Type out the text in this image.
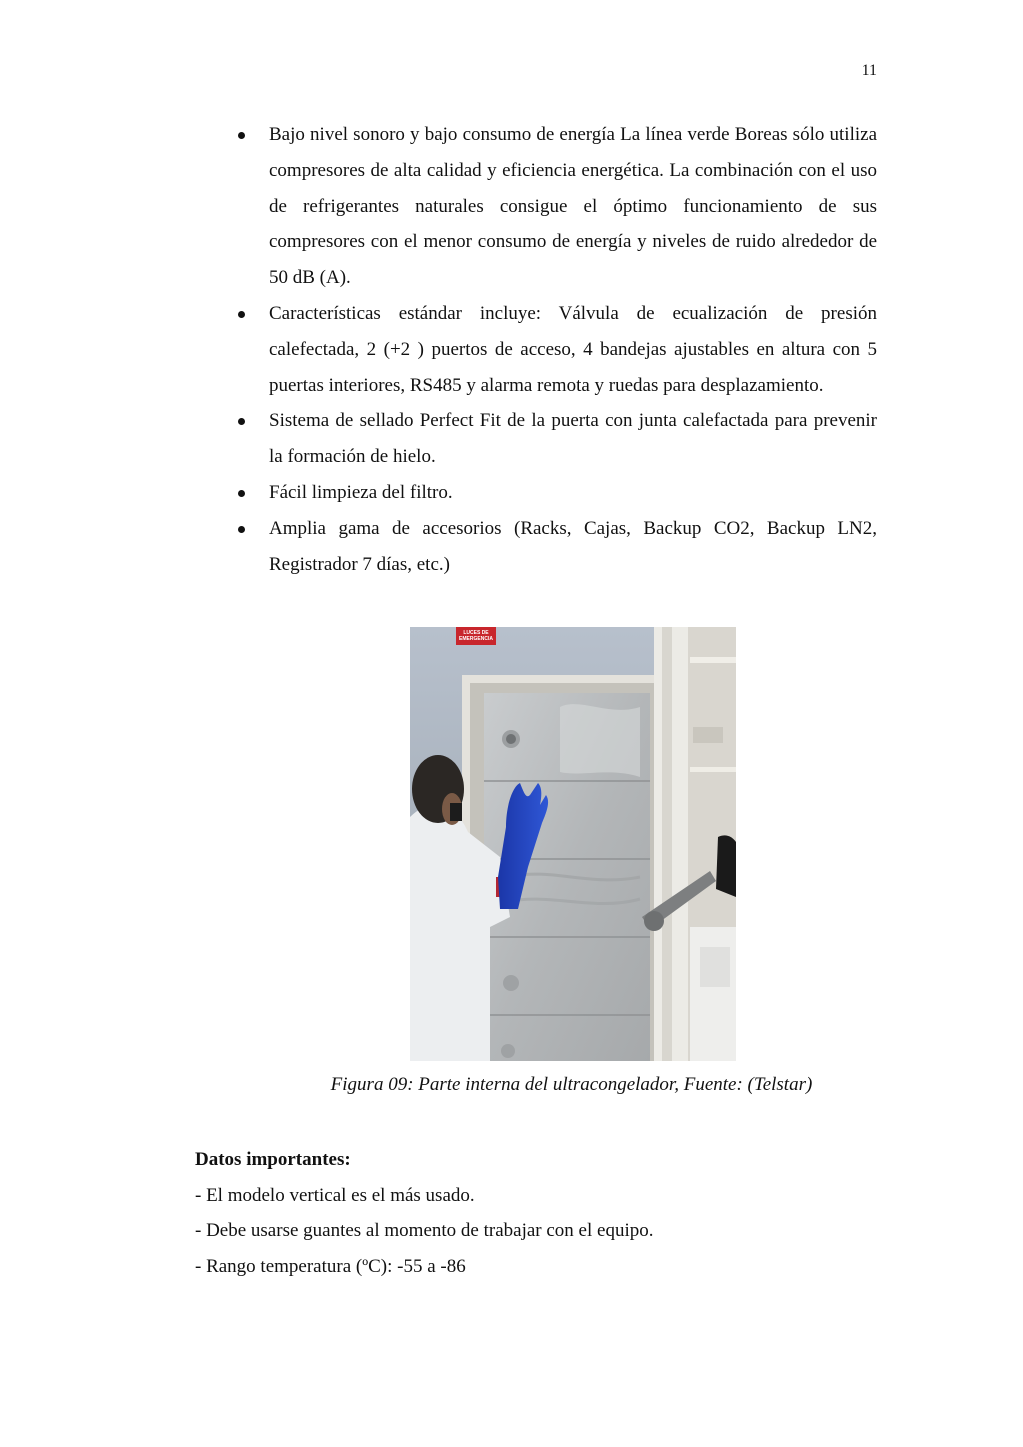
11
Bajo nivel sonoro y bajo consumo de energía La línea verde Boreas sólo utiliza compresores de alta calidad y eficiencia energética. La combinación con el uso de refrigerantes naturales consigue el óptimo funcionamiento de sus compresores con el menor consumo de energía y niveles de ruido alrededor de 50 dB (A).
Características estándar incluye: Válvula de ecualización de presión calefectada, 2 (+2 ) puertos de acceso, 4 bandejas ajustables en altura con 5 puertas interiores, RS485 y alarma remota y ruedas para desplazamiento.
Sistema de sellado Perfect Fit de la puerta con junta calefactada para prevenir la formación de hielo.
Fácil limpieza del filtro.
Amplia gama de accesorios (Racks, Cajas, Backup CO2, Backup LN2, Registrador 7 días, etc.)
LUCES DE
EMERGENCIA
Figura 09: Parte interna del ultracongelador, Fuente: (Telstar)
Datos importantes:
- El modelo vertical es el más usado.
- Debe usarse guantes al momento de trabajar con el equipo.
- Rango temperatura (ºC): -55 a -86
